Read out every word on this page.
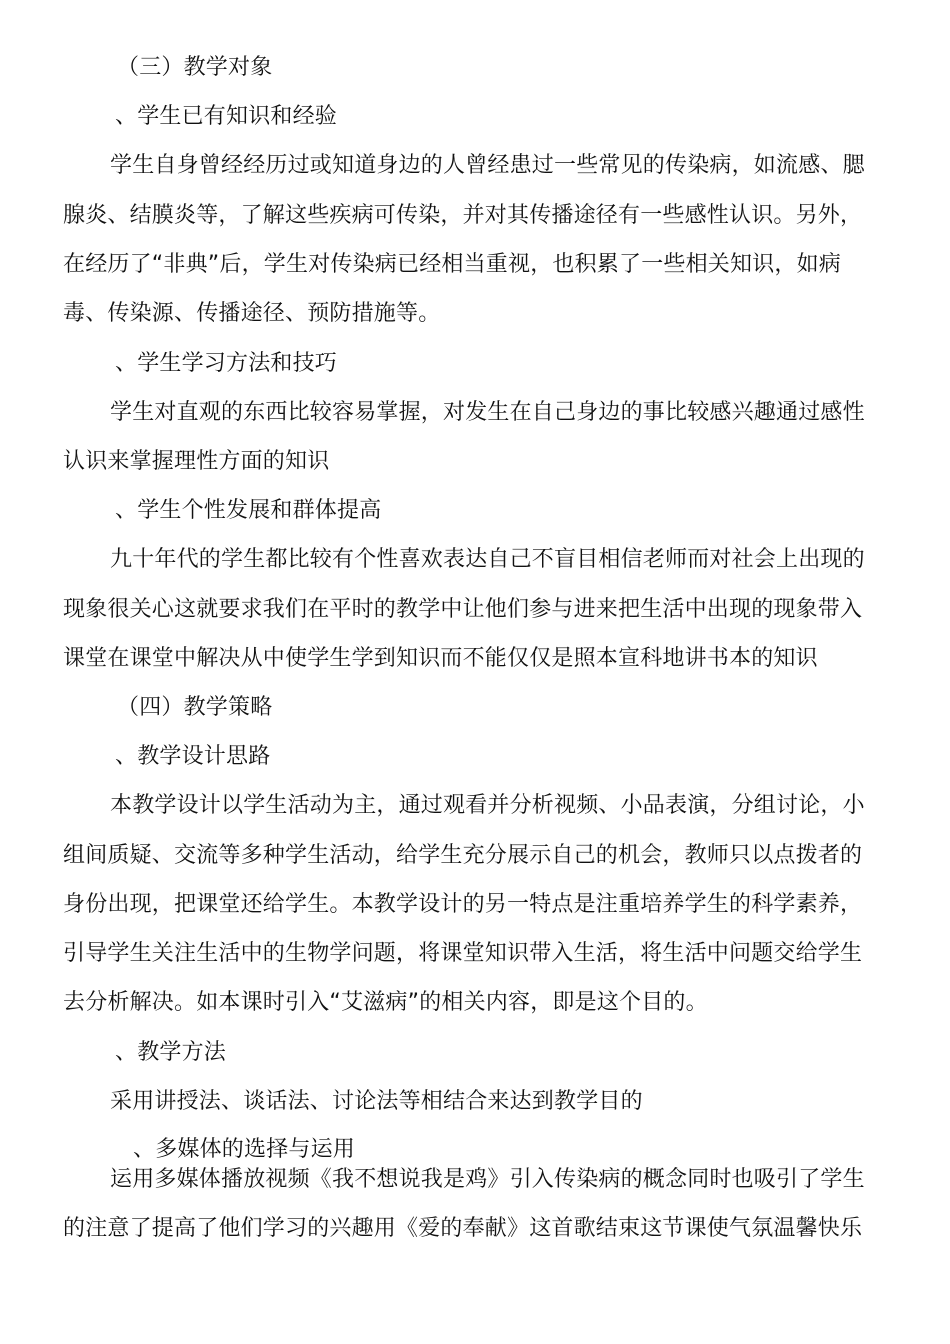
（三）教学对象
、学生已有知识和经验
学生自身曾经经历过或知道身边的人曾经患过一些常见的传染病，如流感、腮
腺炎、结膜炎等，了解这些疾病可传染，并对其传播途径有一些感性认识。另外，
在经历了“非典”后，学生对传染病已经相当重视，也积累了一些相关知识，如病
毒、传染源、传播途径、预防措施等。
、学生学习方法和技巧
学生对直观的东西比较容易掌握，对发生在自己身边的事比较感兴趣通过感性
认识来掌握理性方面的知识
、学生个性发展和群体提高
九十年代的学生都比较有个性喜欢表达自己不盲目相信老师而对社会上出现的
现象很关心这就要求我们在平时的教学中让他们参与进来把生活中出现的现象带入
课堂在课堂中解决从中使学生学到知识而不能仅仅是照本宣科地讲书本的知识
（四）教学策略
、教学设计思路
本教学设计以学生活动为主，通过观看并分析视频、小品表演，分组讨论，小
组间质疑、交流等多种学生活动，给学生充分展示自己的机会，教师只以点拨者的
身份出现，把课堂还给学生。本教学设计的另一特点是注重培养学生的科学素养，
引导学生关注生活中的生物学问题，将课堂知识带入生活，将生活中问题交给学生
去分析解决。如本课时引入“艾滋病”的相关内容，即是这个目的。
、教学方法
采用讲授法、谈话法、讨论法等相结合来达到教学目的
、多媒体的选择与运用
运用多媒体播放视频《我不想说我是鸡》引入传染病的概念同时也吸引了学生
的注意了提高了他们学习的兴趣用《爱的奉献》这首歌结束这节课使气氛温馨快乐
